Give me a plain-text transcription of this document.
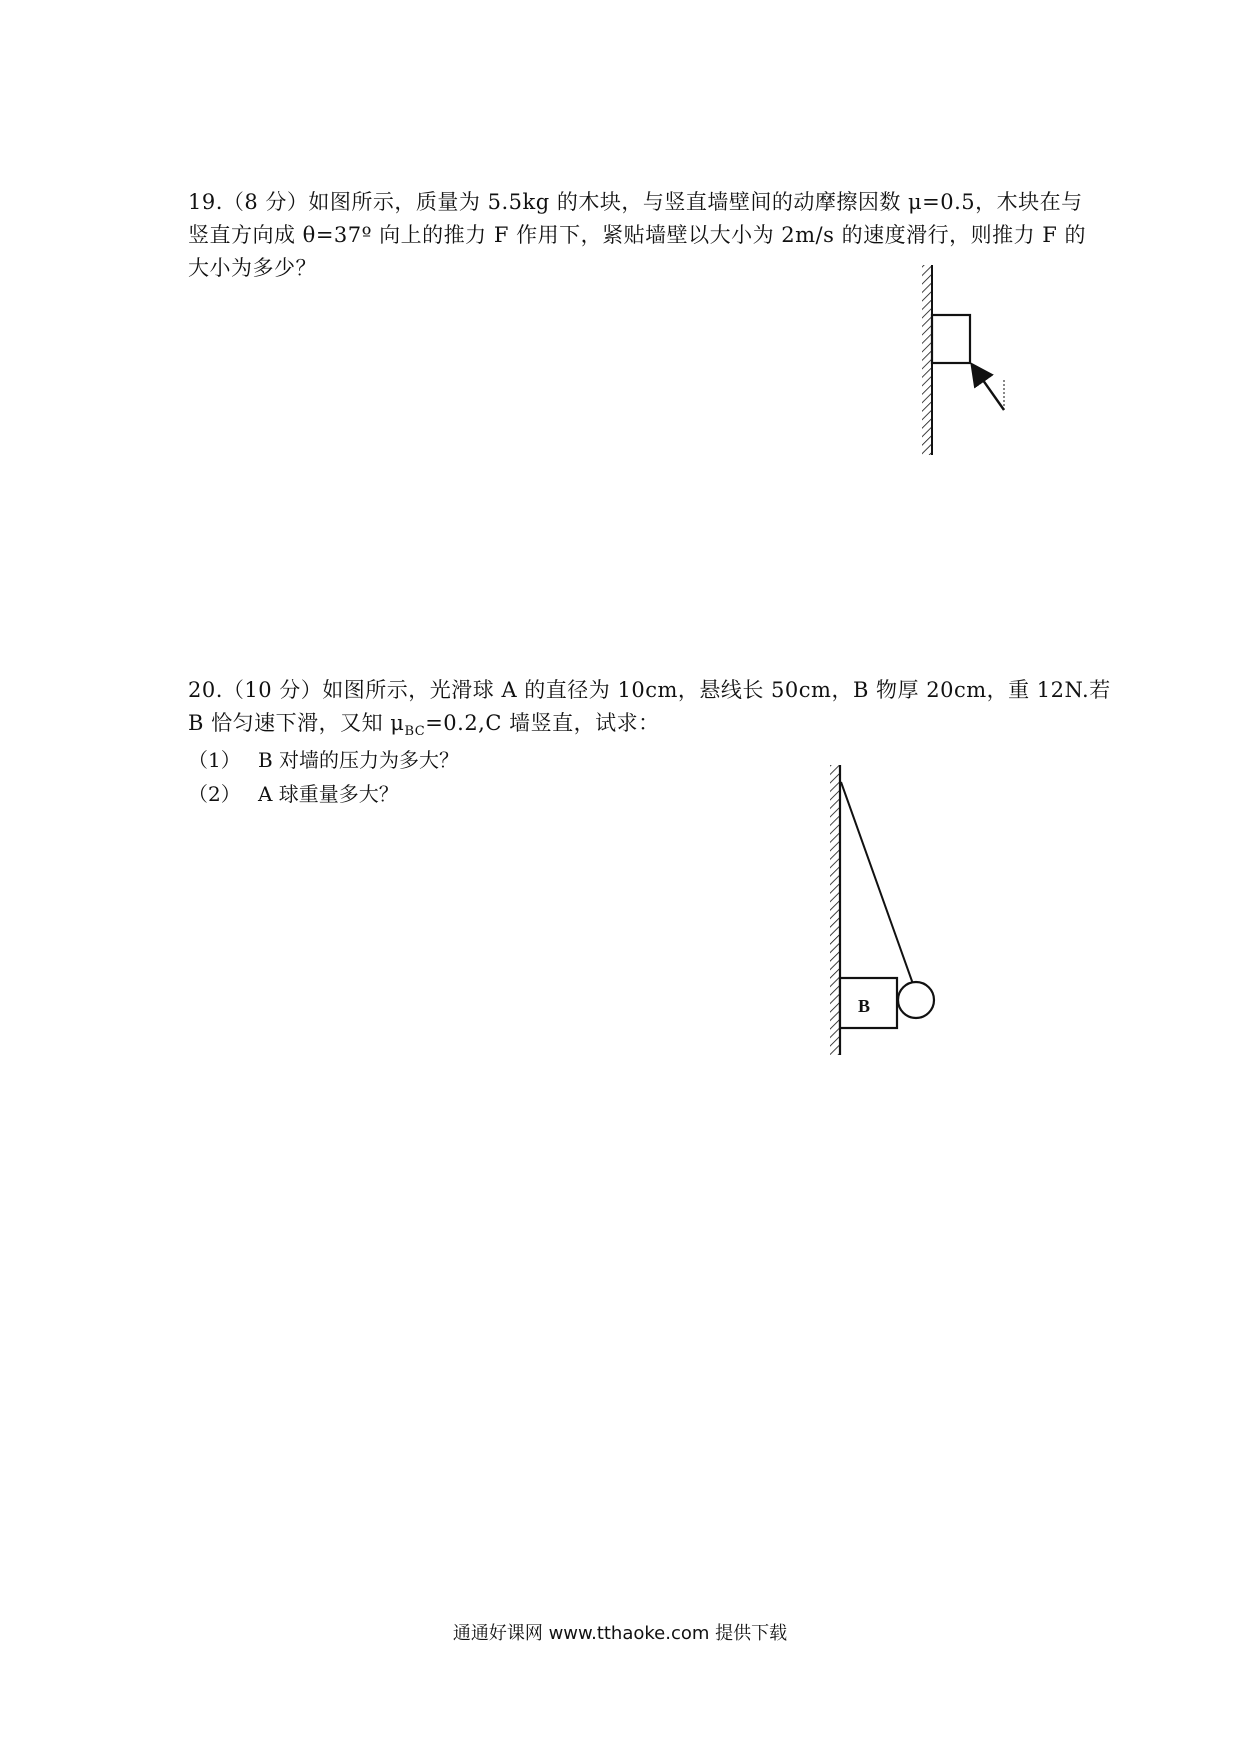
19.（8 分）如图所示，质量为 5.5kg 的木块，与竖直墙壁间的动摩擦因数 μ=0.5，木块在与
竖直方向成 θ=37º 向上的推力 F 作用下，紧贴墙壁以大小为 2m/s 的速度滑行，则推力 F 的
大小为多少？
20.（10 分）如图所示，光滑球 A 的直径为 10cm，悬线长 50cm，B 物厚 20cm，重 12N.若
B 恰匀速下滑，又知 $\mu_{BC}=0.2,C$ 墙竖直，试求：
（1） B 对墙的压力为多大？
（2） A 球重量多大？
B
通通好课网 www.tthaoke.com 提供下载
